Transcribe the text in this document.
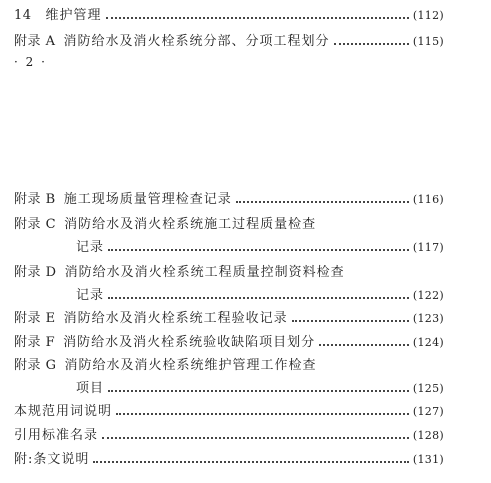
14 维护管理	(112)
附录 A 消防给水及消火栓系统分部、分项工程划分	(115)
· 2 ·
附录 B 施工现场质量管理检查记录	(116)
附录 C 消防给水及消火栓系统施工过程质量检查
记录	(117)
附录 D 消防给水及消火栓系统工程质量控制资料检查
记录	(122)
附录 E 消防给水及消火栓系统工程验收记录	(123)
附录 F 消防给水及消火栓系统验收缺陷项目划分	(124)
附录 G 消防给水及消火栓系统维护管理工作检查
项目	(125)
本规范用词说明	(127)
引用标准名录	(128)
附:条文说明	(131)
